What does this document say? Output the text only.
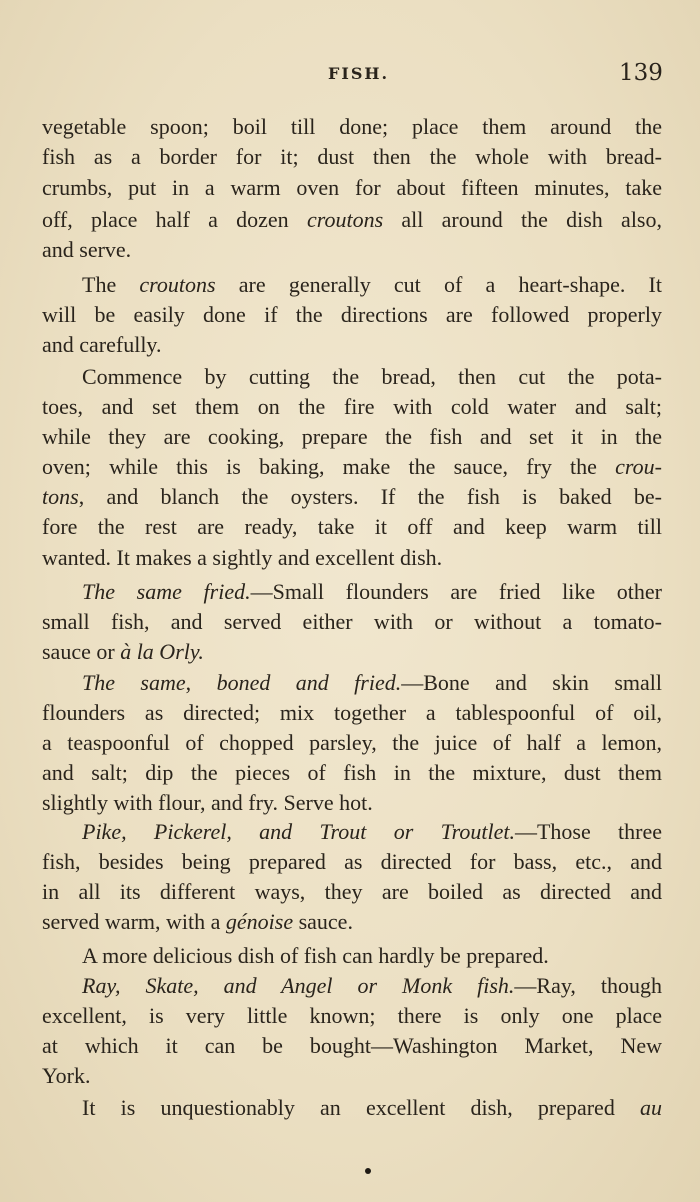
FISH.	139
vegetable spoon; boil till done; place them around the
fish as a border for it; dust then the whole with bread-
crumbs, put in a warm oven for about fifteen minutes, take
off, place half a dozen croutons all around the dish also,
and serve.
The croutons are generally cut of a heart-shape. It
will be easily done if the directions are followed properly
and carefully.
Commence by cutting the bread, then cut the pota-
toes, and set them on the fire with cold water and salt;
while they are cooking, prepare the fish and set it in the
oven; while this is baking, make the sauce, fry the crou-
tons, and blanch the oysters. If the fish is baked be-
fore the rest are ready, take it off and keep warm till
wanted. It makes a sightly and excellent dish.
The same fried.—Small flounders are fried like other
small fish, and served either with or without a tomato-
sauce or à la Orly.
The same, boned and fried.—Bone and skin small
flounders as directed; mix together a tablespoonful of oil,
a teaspoonful of chopped parsley, the juice of half a lemon,
and salt; dip the pieces of fish in the mixture, dust them
slightly with flour, and fry. Serve hot.
Pike, Pickerel, and Trout or Troutlet.—Those three
fish, besides being prepared as directed for bass, etc., and
in all its different ways, they are boiled as directed and
served warm, with a génoise sauce.
A more delicious dish of fish can hardly be prepared.
Ray, Skate, and Angel or Monk fish.—Ray, though
excellent, is very little known; there is only one place
at which it can be bought—Washington Market, New
York.
It is unquestionably an excellent dish, prepared au
